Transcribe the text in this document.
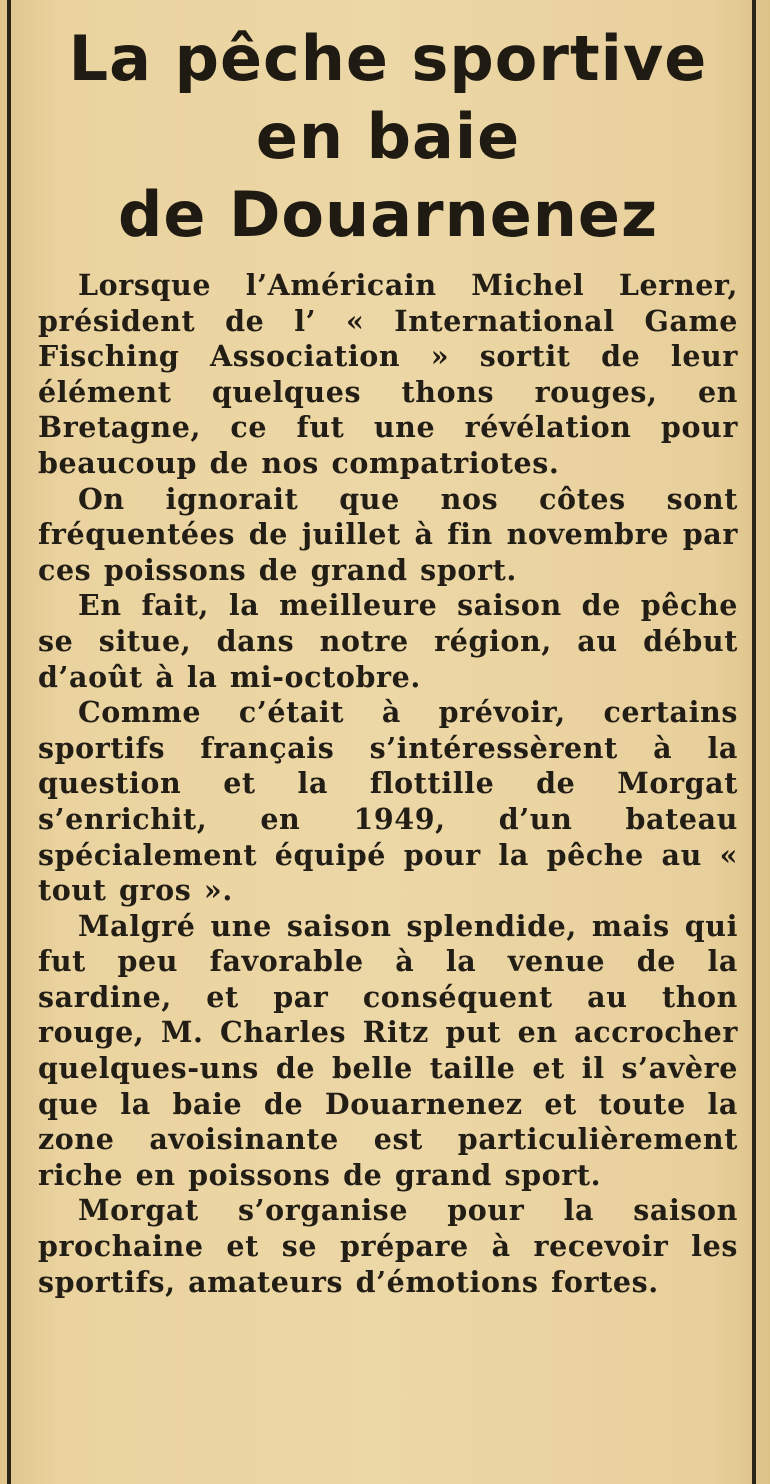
La pêche sportive
en baie
de Douarnenez

Lorsque l’Américain Michel Lerner, président de l’ « International Game Fisching Association » sortit de leur élément quelques thons rouges, en Bretagne, ce fut une révélation pour beaucoup de nos compatriotes.

On ignorait que nos côtes sont fréquentées de juillet à fin novembre par ces poissons de grand sport.

En fait, la meilleure saison de pêche se situe, dans notre région, au début d’août à la mi-octobre.

Comme c’était à prévoir, certains sportifs français s’intéressèrent à la question et la flottille de Morgat s’enrichit, en 1949, d’un bateau spécialement équipé pour la pêche au « tout gros ».

Malgré une saison splendide, mais qui fut peu favorable à la venue de la sardine, et par conséquent au thon rouge, M. Charles Ritz put en accrocher quelques-uns de belle taille et il s’avère que la baie de Douarnenez et toute la zone avoisinante est particulièrement riche en poissons de grand sport.

Morgat s’organise pour la saison prochaine et se prépare à recevoir les sportifs, amateurs d’émotions fortes.
